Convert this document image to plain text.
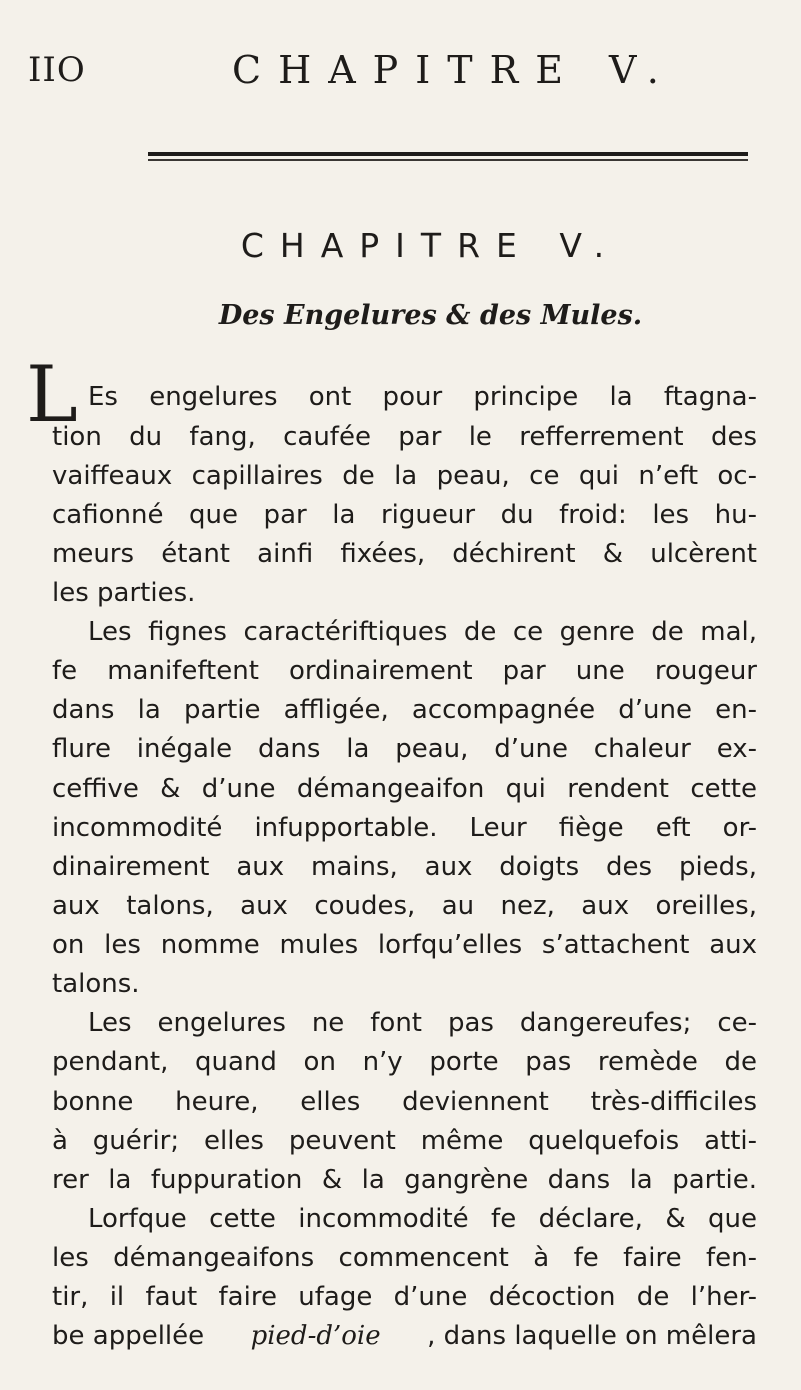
IIO	CHAPITRE V.
CHAPITRE V.
Des Engelures & des Mules.
L Es engelures ont pour principe la ftagna-
tion du fang, caufée par le refferrement des
vaiffeaux capillaires de la peau, ce qui n’eft oc-
cafionné que par la rigueur du froid: les hu-
meurs étant ainfi fixées, déchirent & ulcèrent
les parties.
Les fignes caractériftiques de ce genre de mal,
fe manifeftent ordinairement par une rougeur
dans la partie affligée, accompagnée d’une en-
flure inégale dans la peau, d’une chaleur ex-
ceffive & d’une démangeaifon qui rendent cette
incommodité infupportable. Leur fiège eft or-
dinairement aux mains, aux doigts des pieds,
aux talons, aux coudes, au nez, aux oreilles,
on les nomme mules lorfqu’elles s’attachent aux
talons.
Les engelures ne font pas dangereufes; ce-
pendant, quand on n’y porte pas remède de
bonne heure, elles deviennent très-difficiles
à guérir; elles peuvent même quelquefois atti-
rer la fuppuration & la gangrène dans la partie.
Lorfque cette incommodité fe déclare, & que
les démangeaifons commencent à fe faire fen-
tir, il faut faire ufage d’une décoction de l’her-
be appellée pied-d’oie , dans laquelle on mêlera
